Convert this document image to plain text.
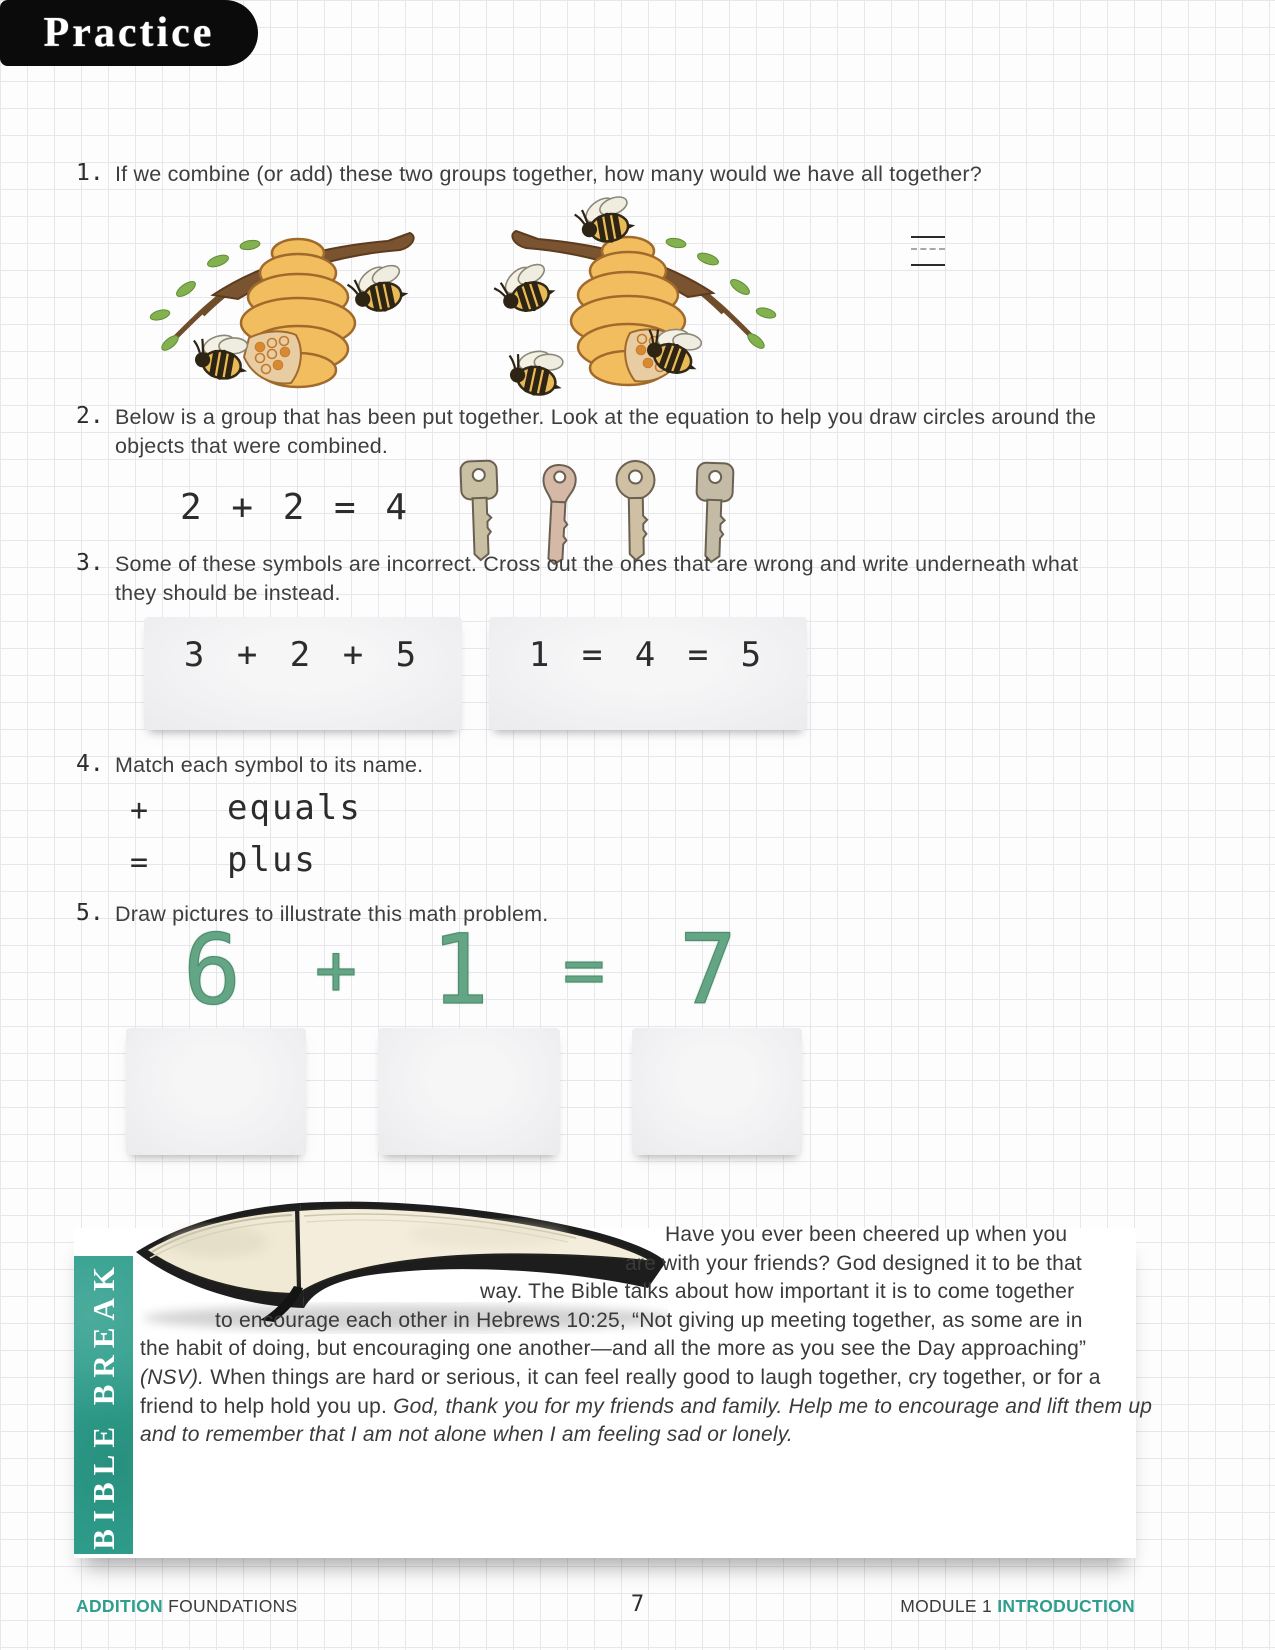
Practice
1. If we combine (or add) these two groups together, how many would we have all together?
2. Below is a group that has been put together. Look at the equation to help you draw circles around the objects that were combined.
2 + 2 = 4
3. Some of these symbols are incorrect. Cross out the ones that are wrong and write underneath what they should be instead.
3 + 2 + 5	1 = 4 = 5
4. Match each symbol to its name.
+ equals
= plus
5. Draw pictures to illustrate this math problem.
6	+ 1	= 7
BIBLE BREAK
Have you ever been cheered up when you
are with your friends? God designed it to be that
way. The Bible talks about how important it is to come together
to encourage each other in Hebrews 10:25, “Not giving up meeting together, as some are in
the habit of doing, but encouraging one another—and all the more as you see the Day approaching”
(NSV). When things are hard or serious, it can feel really good to laugh together, cry together, or for a
friend to help hold you up. God, thank you for my friends and family. Help me to encourage and lift them up
and to remember that I am not alone when I am feeling sad or lonely.
ADDITION FOUNDATIONS	7	MODULE 1 INTRODUCTION
